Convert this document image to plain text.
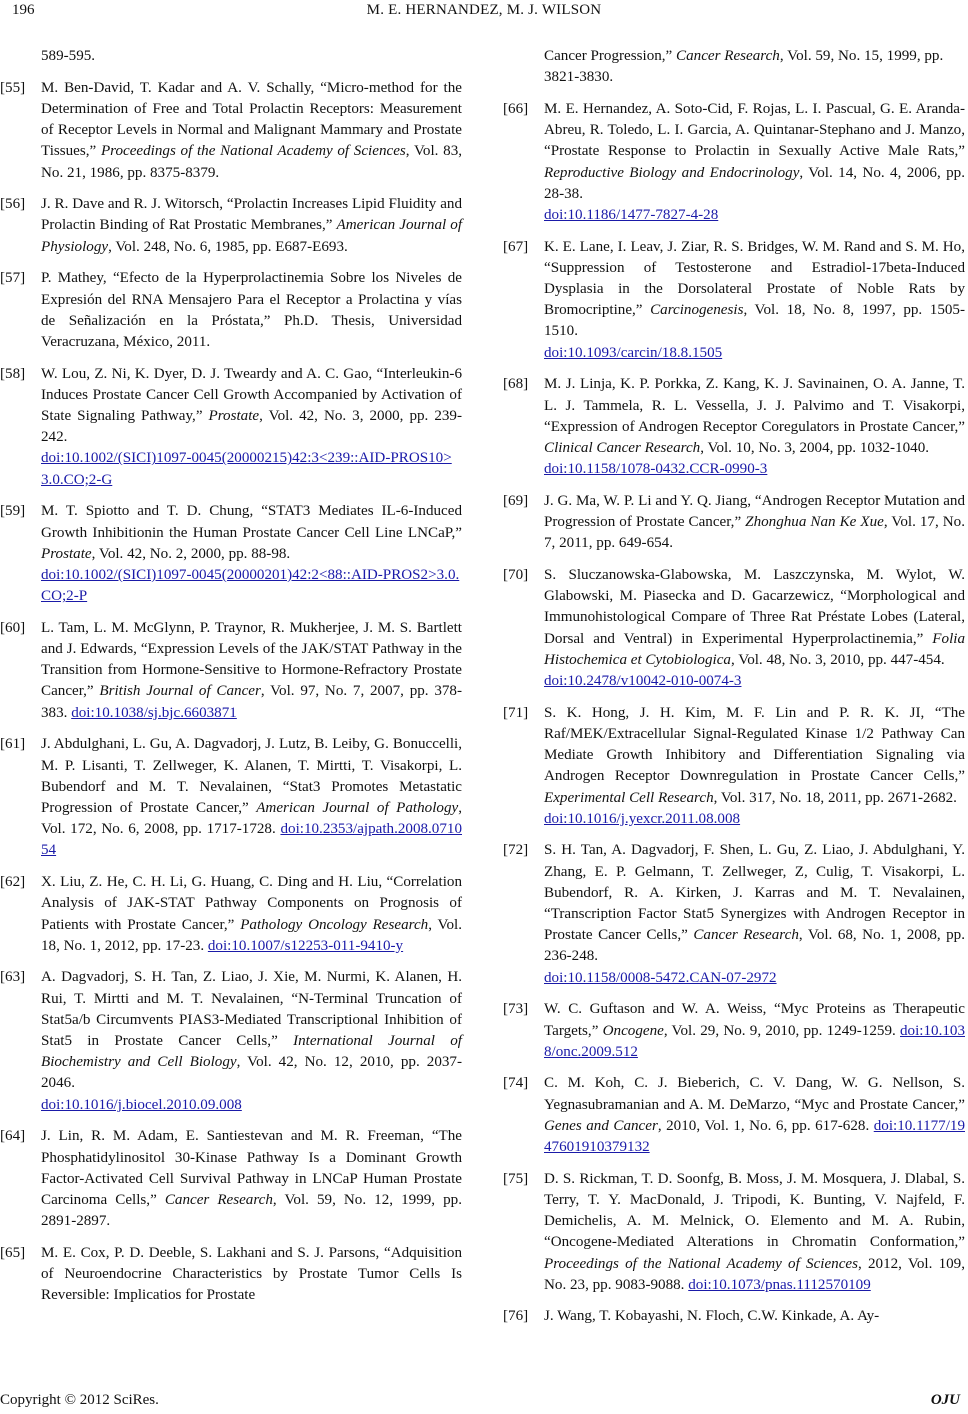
196	M. E. HERNANDEZ, M. J. WILSON
589-595.
[55] M. Ben-David, T. Kadar and A. V. Schally, “Micro-method for the Determination of Free and Total Prolactin Receptors: Measurement of Receptor Levels in Normal and Malignant Mammary and Prostate Tissues,” Proceedings of the National Academy of Sciences, Vol. 83, No. 21, 1986, pp. 8375-8379.
[56] J. R. Dave and R. J. Witorsch, “Prolactin Increases Lipid Fluidity and Prolactin Binding of Rat Prostatic Membranes,” American Journal of Physiology, Vol. 248, No. 6, 1985, pp. E687-E693.
[57] P. Mathey, “Efecto de la Hyperprolactinemia Sobre los Niveles de Expresión del RNA Mensajero Para el Receptor a Prolactina y vías de Señalización en la Próstata,” Ph.D. Thesis, Universidad Veracruzana, México, 2011.
[58] W. Lou, Z. Ni, K. Dyer, D. J. Tweardy and A. C. Gao, “Interleukin-6 Induces Prostate Cancer Cell Growth Accompanied by Activation of State Signaling Pathway,” Prostate, Vol. 42, No. 3, 2000, pp. 239-242.
doi:10.1002/(SICI)1097-0045(20000215)42:3<239::AID-PROS10>3.0.CO;2-G
[59] M. T. Spiotto and T. D. Chung, “STAT3 Mediates IL-6-Induced Growth Inhibitionin the Human Prostate Cancer Cell Line LNCaP,” Prostate, Vol. 42, No. 2, 2000, pp. 88-98.
doi:10.1002/(SICI)1097-0045(20000201)42:2<88::AID-PROS2>3.0.CO;2-P
[60] L. Tam, L. M. McGlynn, P. Traynor, R. Mukherjee, J. M. S. Bartlett and J. Edwards, “Expression Levels of the JAK/STAT Pathway in the Transition from Hormone-Sensitive to Hormone-Refractory Prostate Cancer,” British Journal of Cancer, Vol. 97, No. 7, 2007, pp. 378-383. doi:10.1038/sj.bjc.6603871
[61] J. Abdulghani, L. Gu, A. Dagvadorj, J. Lutz, B. Leiby, G. Bonuccelli, M. P. Lisanti, T. Zellweger, K. Alanen, T. Mirtti, T. Visakorpi, L. Bubendorf and M. T. Nevalainen, “Stat3 Promotes Metastatic Progression of Prostate Cancer,” American Journal of Pathology, Vol. 172, No. 6, 2008, pp. 1717-1728. doi:10.2353/ajpath.2008.071054
[62] X. Liu, Z. He, C. H. Li, G. Huang, C. Ding and H. Liu, “Correlation Analysis of JAK-STAT Pathway Components on Prognosis of Patients with Prostate Cancer,” Pathology Oncology Research, Vol. 18, No. 1, 2012, pp. 17-23. doi:10.1007/s12253-011-9410-y
[63] A. Dagvadorj, S. H. Tan, Z. Liao, J. Xie, M. Nurmi, K. Alanen, H. Rui, T. Mirtti and M. T. Nevalainen, “N-Terminal Truncation of Stat5a/b Circumvents PIAS3-Mediated Transcriptional Inhibition of Stat5 in Prostate Cancer Cells,” International Journal of Biochemistry and Cell Biology, Vol. 42, No. 12, 2010, pp. 2037-2046.
doi:10.1016/j.biocel.2010.09.008
[64] J. Lin, R. M. Adam, E. Santiestevan and M. R. Freeman, “The Phosphatidylinositol 30-Kinase Pathway Is a Dominant Growth Factor-Activated Cell Survival Pathway in LNCaP Human Prostate Carcinoma Cells,” Cancer Research, Vol. 59, No. 12, 1999, pp. 2891-2897.
[65] M. E. Cox, P. D. Deeble, S. Lakhani and S. J. Parsons, “Adquisition of Neuroendocrine Characteristics by Prostate Tumor Cells Is Reversible: Implicatios for Prostate
Cancer Progression,” Cancer Research, Vol. 59, No. 15, 1999, pp. 3821-3830.
[66] M. E. Hernandez, A. Soto-Cid, F. Rojas, L. I. Pascual, G. E. Aranda-Abreu, R. Toledo, L. I. Garcia, A. Quintanar-Stephano and J. Manzo, “Prostate Response to Prolactin in Sexually Active Male Rats,” Reproductive Biology and Endocrinology, Vol. 14, No. 4, 2006, pp. 28-38.
doi:10.1186/1477-7827-4-28
[67] K. E. Lane, I. Leav, J. Ziar, R. S. Bridges, W. M. Rand and S. M. Ho, “Suppression of Testosterone and Estradiol-17beta-Induced Dysplasia in the Dorsolateral Prostate of Noble Rats by Bromocriptine,” Carcinogenesis, Vol. 18, No. 8, 1997, pp. 1505-1510.
doi:10.1093/carcin/18.8.1505
[68] M. J. Linja, K. P. Porkka, Z. Kang, K. J. Savinainen, O. A. Janne, T. L. J. Tammela, R. L. Vessella, J. J. Palvimo and T. Visakorpi, “Expression of Androgen Receptor Coregulators in Prostate Cancer,” Clinical Cancer Research, Vol. 10, No. 3, 2004, pp. 1032-1040.
doi:10.1158/1078-0432.CCR-0990-3
[69] J. G. Ma, W. P. Li and Y. Q. Jiang, “Androgen Receptor Mutation and Progression of Prostate Cancer,” Zhonghua Nan Ke Xue, Vol. 17, No. 7, 2011, pp. 649-654.
[70] S. Sluczanowska-Glabowska, M. Laszczynska, M. Wylot, W. Glabowski, M. Piasecka and D. Gacarzewicz, “Morphological and Immunohistological Compare of Three Rat Préstate Lobes (Lateral, Dorsal and Ventral) in Experimental Hyperprolactinemia,” Folia Histochemica et Cytobiologica, Vol. 48, No. 3, 2010, pp. 447-454.
doi:10.2478/v10042-010-0074-3
[71] S. K. Hong, J. H. Kim, M. F. Lin and P. R. K. JI, “The Raf/MEK/Extracellular Signal-Regulated Kinase 1/2 Pathway Can Mediate Growth Inhibitory and Differentiation Signaling via Androgen Receptor Downregulation in Prostate Cancer Cells,” Experimental Cell Research, Vol. 317, No. 18, 2011, pp. 2671-2682.
doi:10.1016/j.yexcr.2011.08.008
[72] S. H. Tan, A. Dagvadorj, F. Shen, L. Gu, Z. Liao, J. Abdulghani, Y. Zhang, E. P. Gelmann, T. Zellweger, Z, Culig, T. Visakorpi, L. Bubendorf, R. A. Kirken, J. Karras and M. T. Nevalainen, “Transcription Factor Stat5 Synergizes with Androgen Receptor in Prostate Cancer Cells,” Cancer Research, Vol. 68, No. 1, 2008, pp. 236-248.
doi:10.1158/0008-5472.CAN-07-2972
[73] W. C. Guftason and W. A. Weiss, “Myc Proteins as Therapeutic Targets,” Oncogene, Vol. 29, No. 9, 2010, pp. 1249-1259. doi:10.1038/onc.2009.512
[74] C. M. Koh, C. J. Bieberich, C. V. Dang, W. G. Nellson, S. Yegnasubramanian and A. M. DeMarzo, “Myc and Prostate Cancer,” Genes and Cancer, 2010, Vol. 1, No. 6, pp. 617-628. doi:10.1177/1947601910379132
[75] D. S. Rickman, T. D. Soonfg, B. Moss, J. M. Mosquera, J. Dlabal, S. Terry, T. Y. MacDonald, J. Tripodi, K. Bunting, V. Najfeld, F. Demichelis, A. M. Melnick, O. Elemento and M. A. Rubin, “Oncogene-Mediated Alterations in Chromatin Conformation,” Proceedings of the National Academy of Sciences, 2012, Vol. 109, No. 23, pp. 9083-9088. doi:10.1073/pnas.1112570109
[76] J. Wang, T. Kobayashi, N. Floch, C.W. Kinkade, A. Ay-
Copyright © 2012 SciRes.	OJU
